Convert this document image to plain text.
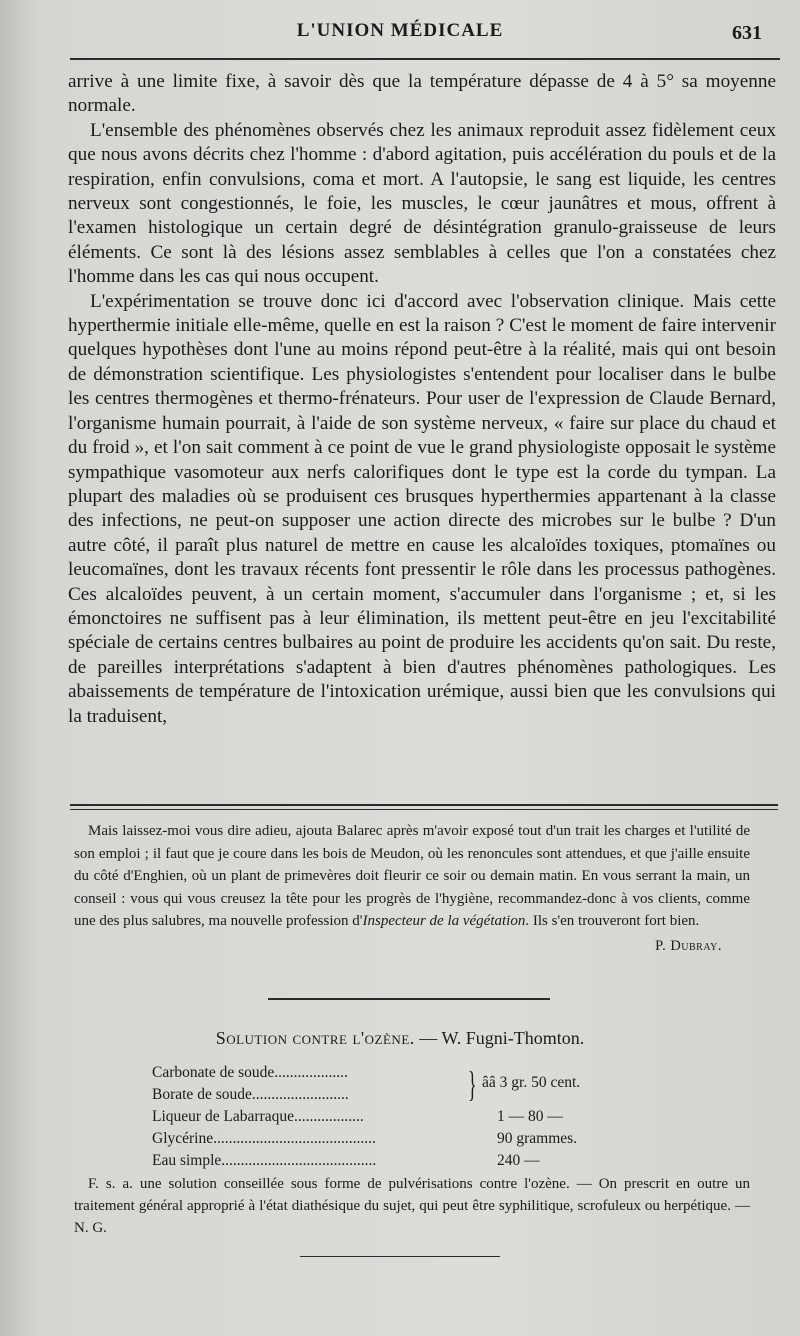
L'UNION MÉDICALE	631

arrive à une limite fixe, à savoir dès que la température dépasse de 4 à 5° sa moyenne normale.

L'ensemble des phénomènes observés chez les animaux reproduit assez fidèlement ceux que nous avons décrits chez l'homme : d'abord agitation, puis accélération du pouls et de la respiration, enfin convulsions, coma et mort. A l'autopsie, le sang est liquide, les centres nerveux sont congestionnés, le foie, les muscles, le cœur jaunâtres et mous, offrent à l'examen histologique un certain degré de désintégration granulo-graisseuse de leurs éléments. Ce sont là des lésions assez semblables à celles que l'on a constatées chez l'homme dans les cas qui nous occupent.

L'expérimentation se trouve donc ici d'accord avec l'observation clinique. Mais cette hyperthermie initiale elle-même, quelle en est la raison ? C'est le moment de faire intervenir quelques hypothèses dont l'une au moins répond peut-être à la réalité, mais qui ont besoin de démonstration scientifique. Les physiologistes s'entendent pour localiser dans le bulbe les centres thermogènes et thermo-frénateurs. Pour user de l'expression de Claude Bernard, l'organisme humain pourrait, à l'aide de son système nerveux, « faire sur place du chaud et du froid », et l'on sait comment à ce point de vue le grand physiologiste opposait le système sympathique vasomoteur aux nerfs calorifiques dont le type est la corde du tympan. La plupart des maladies où se produisent ces brusques hyperthermies appartenant à la classe des infections, ne peut-on supposer une action directe des microbes sur le bulbe ? D'un autre côté, il paraît plus naturel de mettre en cause les alcaloïdes toxiques, ptomaïnes ou leucomaïnes, dont les travaux récents font pressentir le rôle dans les processus pathogènes. Ces alcaloïdes peuvent, à un certain moment, s'accumuler dans l'organisme ; et, si les émonctoires ne suffisent pas à leur élimination, ils mettent peut-être en jeu l'excitabilité spéciale de certains centres bulbaires au point de produire les accidents qu'on sait. Du reste, de pareilles interprétations s'adaptent à bien d'autres phénomènes pathologiques. Les abaissements de température de l'intoxication urémique, aussi bien que les convulsions qui la traduisent,

Mais laissez-moi vous dire adieu, ajouta Balarec après m'avoir exposé tout d'un trait les charges et l'utilité de son emploi ; il faut que je coure dans les bois de Meudon, où les renoncules sont attendues, et que j'aille ensuite du côté d'Enghien, où un plant de primevères doit fleurir ce soir ou demain matin. En vous serrant la main, un conseil : vous qui vous creusez la tête pour les progrès de l'hygiène, recommandez-donc à vos clients, comme une des plus salubres, ma nouvelle profession d'Inspecteur de la végétation. Ils s'en trouveront fort bien.

P. Dubray.
Solution contre l'ozène. — W. Fugni-Thomton.
Carbonate de soude...................	} ââ 3 gr. 50 cent.
Borate de soude.........................
Liqueur de Labarraque..................	1 — 80 —
Glycérine..........................................	90 grammes.
Eau simple........................................	240 —

F. s. a. une solution conseillée sous forme de pulvérisations contre l'ozène. — On prescrit en outre un traitement général approprié à l'état diathésique du sujet, qui peut être syphilitique, scrofuleux ou herpétique. — N. G.
